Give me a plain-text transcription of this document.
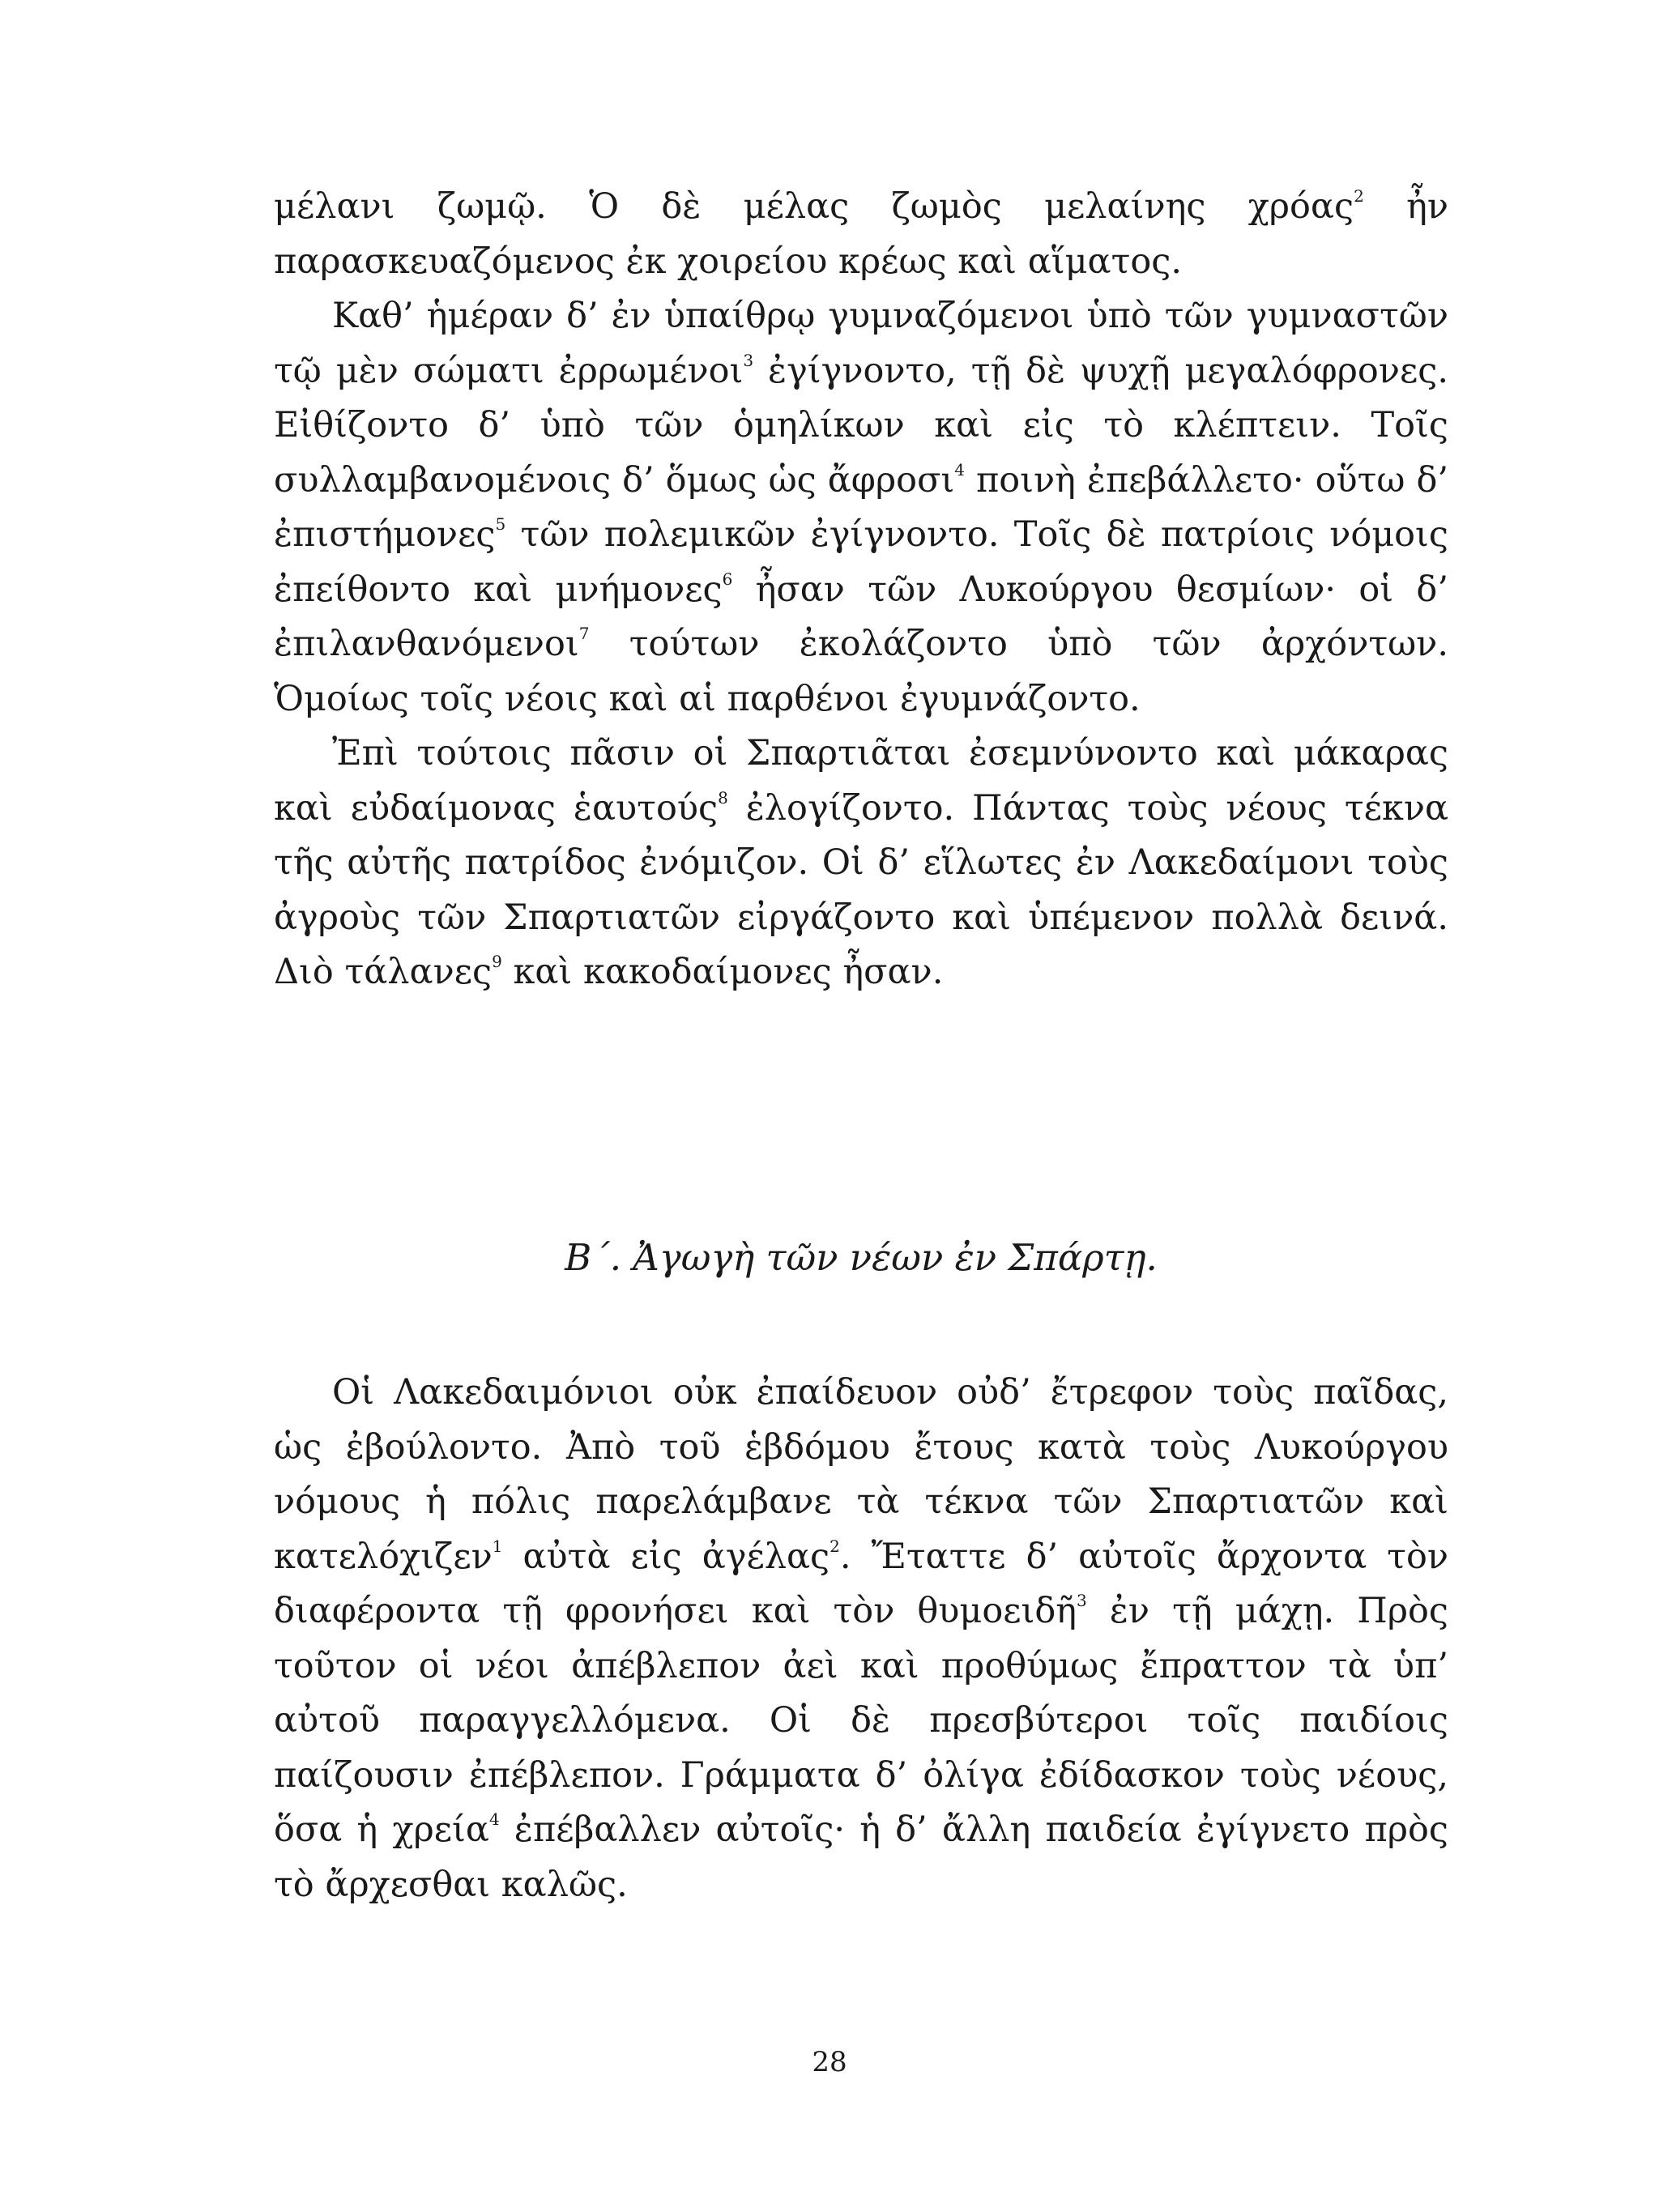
μέλανι ζωμῷ. Ὁ δὲ μέλας ζωμὸς μελαίνης χρόας$^2$ ἦν παρασκευαζόμενος ἐκ χοιρείου κρέως καὶ αἵματος.

Καθ’ ἡμέραν δ’ ἐν ὑπαίθρῳ γυμναζόμενοι ὑπὸ τῶν γυμναστῶν τῷ μὲν σώματι ἐρρωμένοι$^3$ ἐγίγνοντο, τῇ δὲ ψυχῇ μεγαλόφρονες. Εἰθίζοντο δ’ ὑπὸ τῶν ὁμηλίκων καὶ εἰς τὸ κλέπτειν. Τοῖς συλλαμβανομένοις δ’ ὅμως ὡς ἄφροσι$^4$ ποινὴ ἐπεβάλλετο· οὕτω δ’ ἐπιστήμονες$^5$ τῶν πολεμικῶν ἐγίγνοντο. Τοῖς δὲ πατρίοις νόμοις ἐπείθοντο καὶ μνήμονες$^6$ ἦσαν τῶν Λυκούργου θεσμίων· οἱ δ’ ἐπιλανθανόμενοι$^7$ τούτων ἐκολάζοντο ὑπὸ τῶν ἀρχόντων. Ὁμοίως τοῖς νέοις καὶ αἱ παρθένοι ἐγυμνάζοντο.

Ἐπὶ τούτοις πᾶσιν οἱ Σπαρτιᾶται ἐσεμνύνοντο καὶ μάκαρας καὶ εὐδαίμονας ἑαυτούς$^8$ ἐλογίζοντο. Πάντας τοὺς νέους τέκνα τῆς αὐτῆς πατρίδος ἐνόμιζον. Οἱ δ’ εἵλωτες ἐν Λακεδαίμονι τοὺς ἀγροὺς τῶν Σπαρτιατῶν εἰργάζοντο καὶ ὑπέμενον πολλὰ δεινά. Διὸ τάλανες$^9$ καὶ κακοδαίμονες ἦσαν.

Β΄. Ἀγωγὴ τῶν νέων ἐν Σπάρτῃ.

Οἱ Λακεδαιμόνιοι οὐκ ἐπαίδευον οὐδ’ ἔτρεφον τοὺς παῖδας, ὡς ἐβούλοντο. Ἀπὸ τοῦ ἑβδόμου ἔτους κατὰ τοὺς Λυκούργου νόμους ἡ πόλις παρελάμβανε τὰ τέκνα τῶν Σπαρτιατῶν καὶ κατελόχιζεν$^1$ αὐτὰ εἰς ἀγέλας$^2$. Ἔταττε δ’ αὐτοῖς ἄρχοντα τὸν διαφέροντα τῇ φρονήσει καὶ τὸν θυμοειδῆ$^3$ ἐν τῇ μάχῃ. Πρὸς τοῦτον οἱ νέοι ἀπέβλεπον ἀεὶ καὶ προθύμως ἔπραττον τὰ ὑπ’ αὐτοῦ παραγγελλόμενα. Οἱ δὲ πρεσβύτεροι τοῖς παιδίοις παίζουσιν ἐπέβλεπον. Γράμματα δ’ ὀλίγα ἐδίδασκον τοὺς νέους, ὅσα ἡ χρεία$^4$ ἐπέβαλλεν αὐτοῖς· ἡ δ’ ἄλλη παιδεία ἐγίγνετο πρὸς τὸ ἄρχεσθαι καλῶς.

28
